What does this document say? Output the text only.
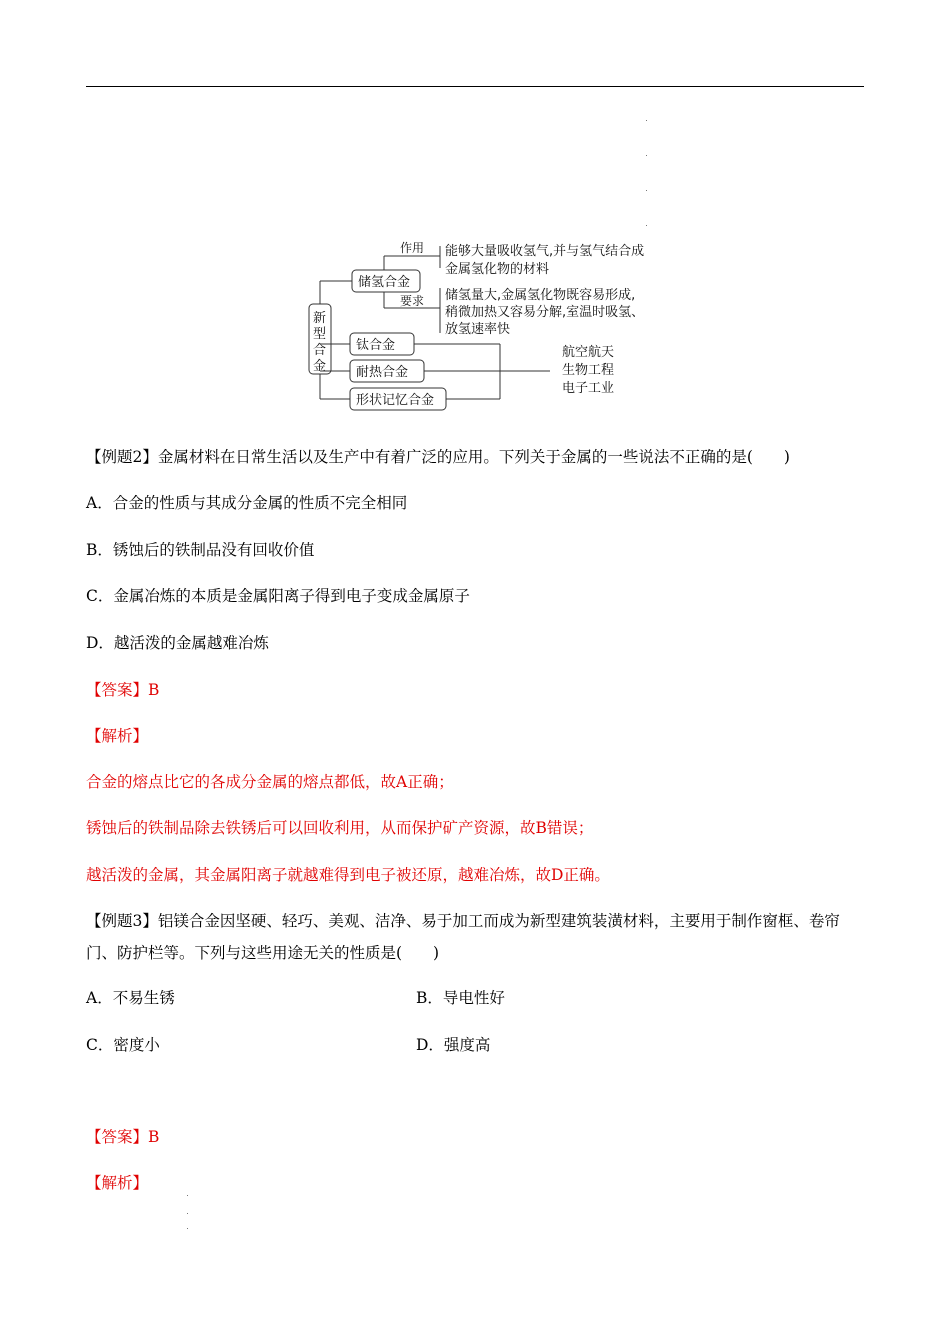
新
型
合
金
储氢合金
作用
要求
能够大量吸收氢气,并与氢气结合成
金属氢化物的材料
储氢量大,金属氢化物既容易形成,
稍微加热又容易分解,室温时吸氢、
放氢速率快
钛合金
耐热合金
形状记忆合金
航空航天
生物工程
电子工业
【例题2】金属材料在日常生活以及生产中有着广泛的应用。下列关于金属的一些说法不正确的是(　　)
A．合金的性质与其成分金属的性质不完全相同
B．锈蚀后的铁制品没有回收价值
C．金属冶炼的本质是金属阳离子得到电子变成金属原子
D．越活泼的金属越难冶炼
【答案】B
【解析】
合金的熔点比它的各成分金属的熔点都低，故A正确；
锈蚀后的铁制品除去铁锈后可以回收利用，从而保护矿产资源，故B错误；
越活泼的金属，其金属阳离子就越难得到电子被还原，越难冶炼，故D正确。
【例题3】铝镁合金因坚硬、轻巧、美观、洁净、易于加工而成为新型建筑装潢材料，主要用于制作窗框、卷帘门、防护栏等。下列与这些用途无关的性质是(　　)
A．不易生锈	B．导电性好
C．密度小	D．强度高
【答案】B
【解析】
